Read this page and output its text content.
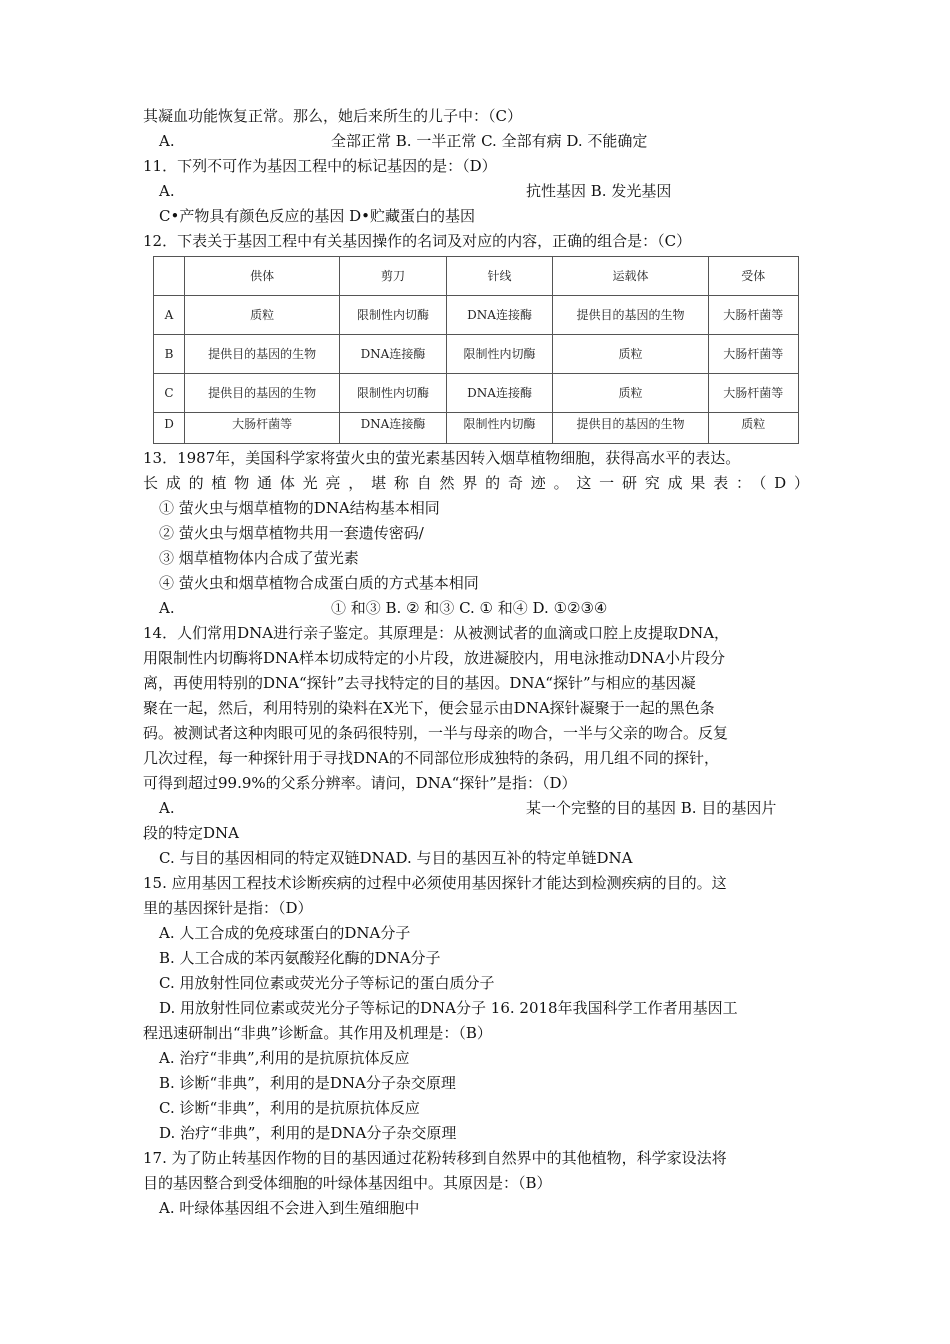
其凝血功能恢复正常。那么，她后来所生的儿子中：（C）

A.	全部正常 B. 一半正常 C. 全部有病 D. 不能确定

11．下列不可作为基因工程中的标记基因的是：（D）

A.	抗性基因 B. 发光基因

C•产物具有颜色反应的基因 D•贮藏蛋白的基因

12．下表关于基因工程中有关基因操作的名词及对应的内容，正确的组合是：（C）

	供体	剪刀	针线	运载体	受体
A	质粒	限制性内切酶	DNA连接酶	提供目的基因的生物	大肠杆菌等
B	提供目的基因的生物	DNA连接酶	限制性内切酶	质粒	大肠杆菌等
C	提供目的基因的生物	限制性内切酶	DNA连接酶	质粒	大肠杆菌等
D	大肠杆菌等	DNA连接酶	限制性内切酶	提供目的基因的生物	质粒

13．1987年，美国科学家将萤火虫的萤光素基因转入烟草植物细胞，获得高水平的表达。

长成的植物通体光亮，堪称自然界的奇迹。这一研究成果表：（D）

① 萤火虫与烟草植物的DNA结构基本相同

② 萤火虫与烟草植物共用一套遗传密码/

③ 烟草植物体内合成了萤光素

④ 萤火虫和烟草植物合成蛋白质的方式基本相同

A.	① 和③ B. ② 和③ C. ① 和④ D. ①②③④

14．人们常用DNA进行亲子鉴定。其原理是：从被测试者的血滴或口腔上皮提取DNA，

用限制性内切酶将DNA样本切成特定的小片段，放进凝胶内，用电泳推动DNA小片段分

离，再使用特别的DNA“探针”去寻找特定的目的基因。DNA“探针”与相应的基因凝

聚在一起，然后，利用特别的染料在X光下，便会显示由DNA探针凝聚于一起的黑色条

码。被测试者这种肉眼可见的条码很特别，一半与母亲的吻合，一半与父亲的吻合。反复

几次过程，每一种探针用于寻找DNA的不同部位形成独特的条码，用几组不同的探针，

可得到超过99.9%的父系分辨率。请问，DNA“探针”是指：（D）

A.	某一个完整的目的基因 B. 目的基因片

段的特定DNA

C. 与目的基因相同的特定双链DNAD. 与目的基因互补的特定单链DNA

15. 应用基因工程技术诊断疾病的过程中必须使用基因探针才能达到检测疾病的目的。这

里的基因探针是指：（D）

A. 人工合成的免疫球蛋白的DNA分子

B. 人工合成的苯丙氨酸羟化酶的DNA分子

C. 用放射性同位素或荧光分子等标记的蛋白质分子

D. 用放射性同位素或荧光分子等标记的DNA分子 16. 2018年我国科学工作者用基因工

程迅速研制出“非典”诊断盒。其作用及机理是：（B）

A. 治疗“非典”,利用的是抗原抗体反应

B. 诊断“非典”，利用的是DNA分子杂交原理

C. 诊断“非典”，利用的是抗原抗体反应

D. 治疗“非典”，利用的是DNA分子杂交原理

17. 为了防止转基因作物的目的基因通过花粉转移到自然界中的其他植物，科学家设法将

目的基因整合到受体细胞的叶绿体基因组中。其原因是：（B）

A. 叶绿体基因组不会进入到生殖细胞中
